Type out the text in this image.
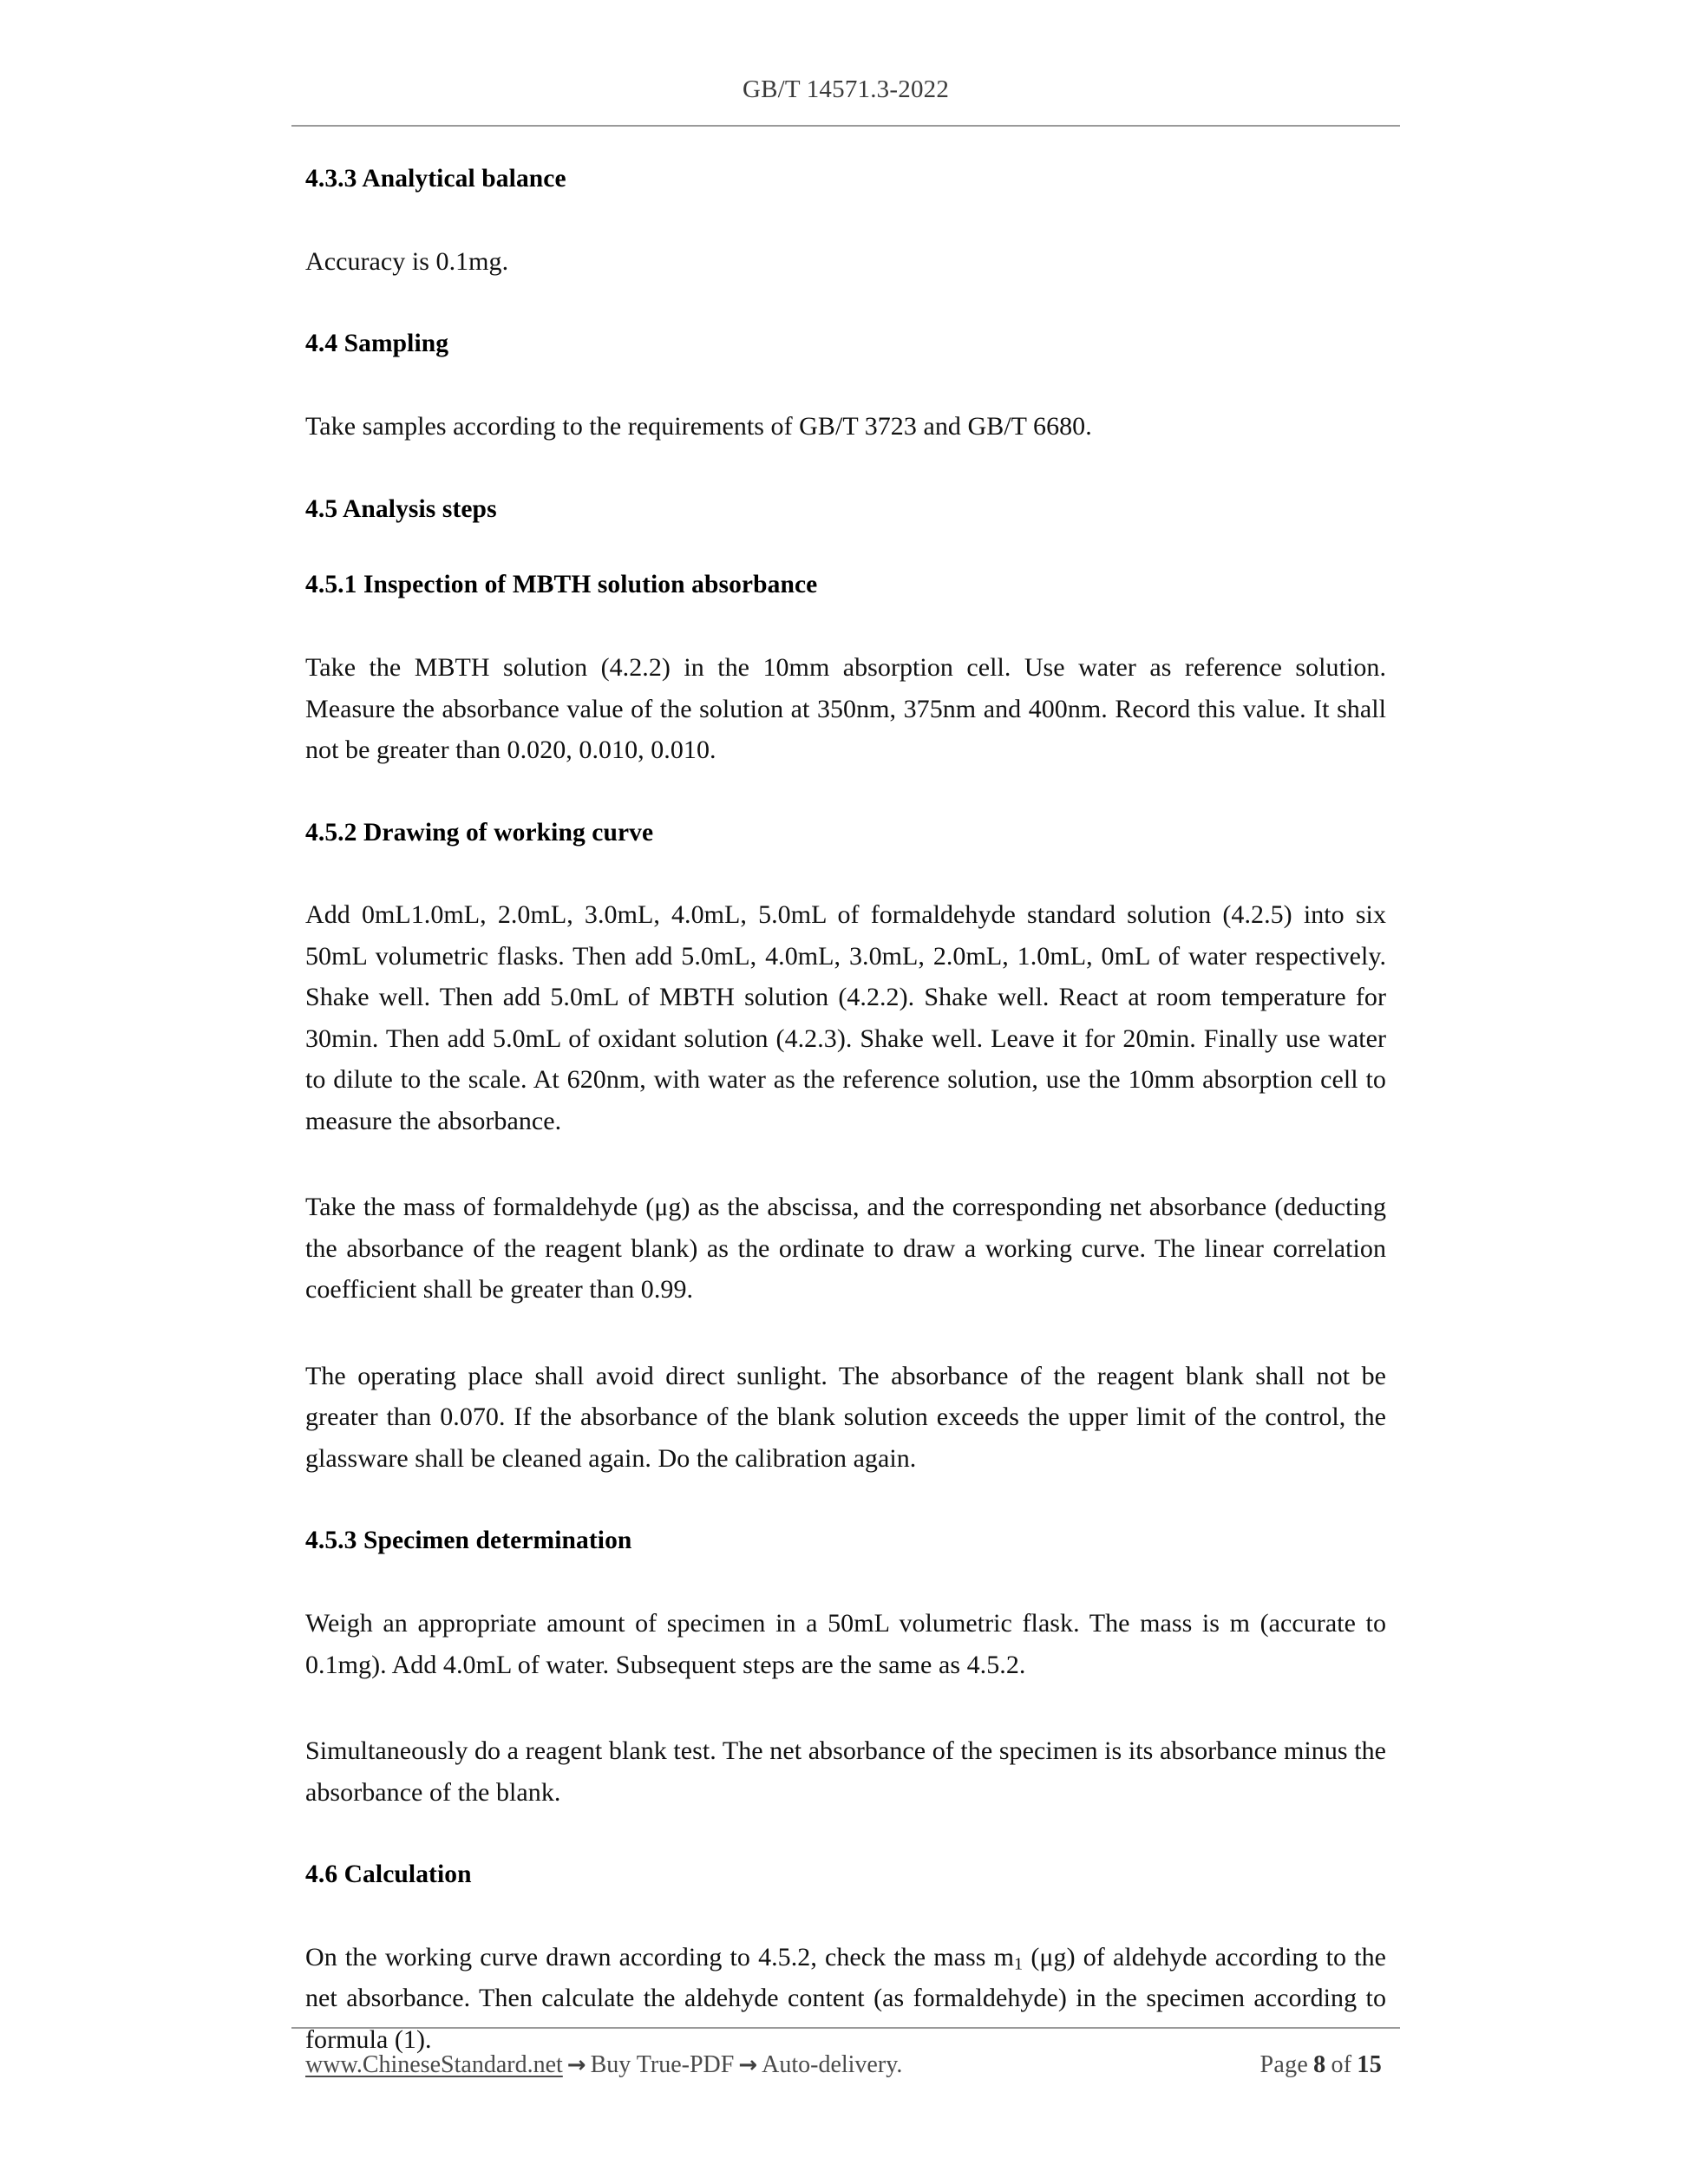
GB/T 14571.3-2022
4.3.3 Analytical balance

Accuracy is 0.1mg.

4.4 Sampling

Take samples according to the requirements of GB/T 3723 and GB/T 6680.

4.5 Analysis steps
4.5.1 Inspection of MBTH solution absorbance

Take the MBTH solution (4.2.2) in the 10mm absorption cell. Use water as reference solution. Measure the absorbance value of the solution at 350nm, 375nm and 400nm. Record this value. It shall not be greater than 0.020, 0.010, 0.010.

4.5.2 Drawing of working curve

Add 0mL1.0mL, 2.0mL, 3.0mL, 4.0mL, 5.0mL of formaldehyde standard solution (4.2.5) into six 50mL volumetric flasks. Then add 5.0mL, 4.0mL, 3.0mL, 2.0mL, 1.0mL, 0mL of water respectively. Shake well. Then add 5.0mL of MBTH solution (4.2.2). Shake well. React at room temperature for 30min. Then add 5.0mL of oxidant solution (4.2.3). Shake well. Leave it for 20min. Finally use water to dilute to the scale. At 620nm, with water as the reference solution, use the 10mm absorption cell to measure the absorbance.

Take the mass of formaldehyde (μg) as the abscissa, and the corresponding net absorbance (deducting the absorbance of the reagent blank) as the ordinate to draw a working curve. The linear correlation coefficient shall be greater than 0.99.

The operating place shall avoid direct sunlight. The absorbance of the reagent blank shall not be greater than 0.070. If the absorbance of the blank solution exceeds the upper limit of the control, the glassware shall be cleaned again. Do the calibration again.

4.5.3 Specimen determination

Weigh an appropriate amount of specimen in a 50mL volumetric flask. The mass is m (accurate to 0.1mg). Add 4.0mL of water. Subsequent steps are the same as 4.5.2.

Simultaneously do a reagent blank test. The net absorbance of the specimen is its absorbance minus the absorbance of the blank.

4.6 Calculation

On the working curve drawn according to 4.5.2, check the mass $m_1$ (μg) of aldehyde according to the net absorbance. Then calculate the aldehyde content (as formaldehyde) in the specimen according to formula (1).

www.ChineseStandard.net → Buy True-PDF → Auto-delivery.	Page 8 of 15
